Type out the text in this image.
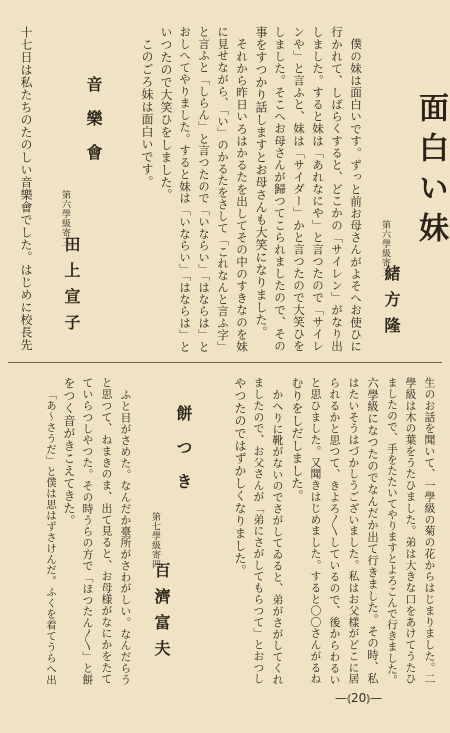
面白い妹
第六學級寄三
緒方隆
僕の妹は面白いです。ずっと前お母さんがよそへお使ひに
行かれて、しばらくすると、どこかの「サイレン」がなり出
しました。すると妹は「あれなにや」と言つたので「サイレ
ンや」と言ふと、妹は「サイダー」かと言つたので大笑ひを
しました。そこへお母さんが歸つてこられましたので、その
事をすつかり話しますとお母さんも大笑になりました。
それから昨日いろはかるたを出してその中のすきなのを妹
に見せながら、「い」のかるたをさして「これなんと言ふ字」
と言ふと「しらん」と言つたので「いならい」「はならは」と
おしへてやりました。すると妹は「いならい」「はならは」と
いつたので大笑ひをしました。
このごろ妹は面白いです。
音樂會
第六學級寄三
田上宣子
十七日は私たちのたのしい音樂會でした。はじめに校長先
生のお話を聞いて、一學級の菊の花からはじまりました。二
學級は木の葉をうたひました。弟は大きな口をあけてうたひ
ましたので、手をたたいてやりますとよろこんで行きました。
六學級になつたのでなんだか出て行きました。その時、私
はたいそうはづかしうございました。私はお父樣がどこに居
られるかと思つて、きよろ〳〵しているので、後からわるい
と思ひました。又聞きはじめました。すると〇〇さんがるね
むりをしだしました。
かへりに靴がないのでさがしてゐると、弟がさがしてくれ
ましたので、お父さんが「弟にさがしてもらつて」とおつし
やつたのではずかしくなりました。
餅つき
第七學級寄四
百濟富夫
ふと目がさめた。なんだか臺所がさわがしい。なんだらう
と思つて、ねまきのま、出て見ると、お母様がなにかをたて
ていらつしやつた。その時うらの方で「ほつたん〳〵」と餅
をつく音がきこえてきた。
「あ〜さうだ」と僕は思はずさけんだ。ふくを着てうらへ出
—⦅20⦆—
